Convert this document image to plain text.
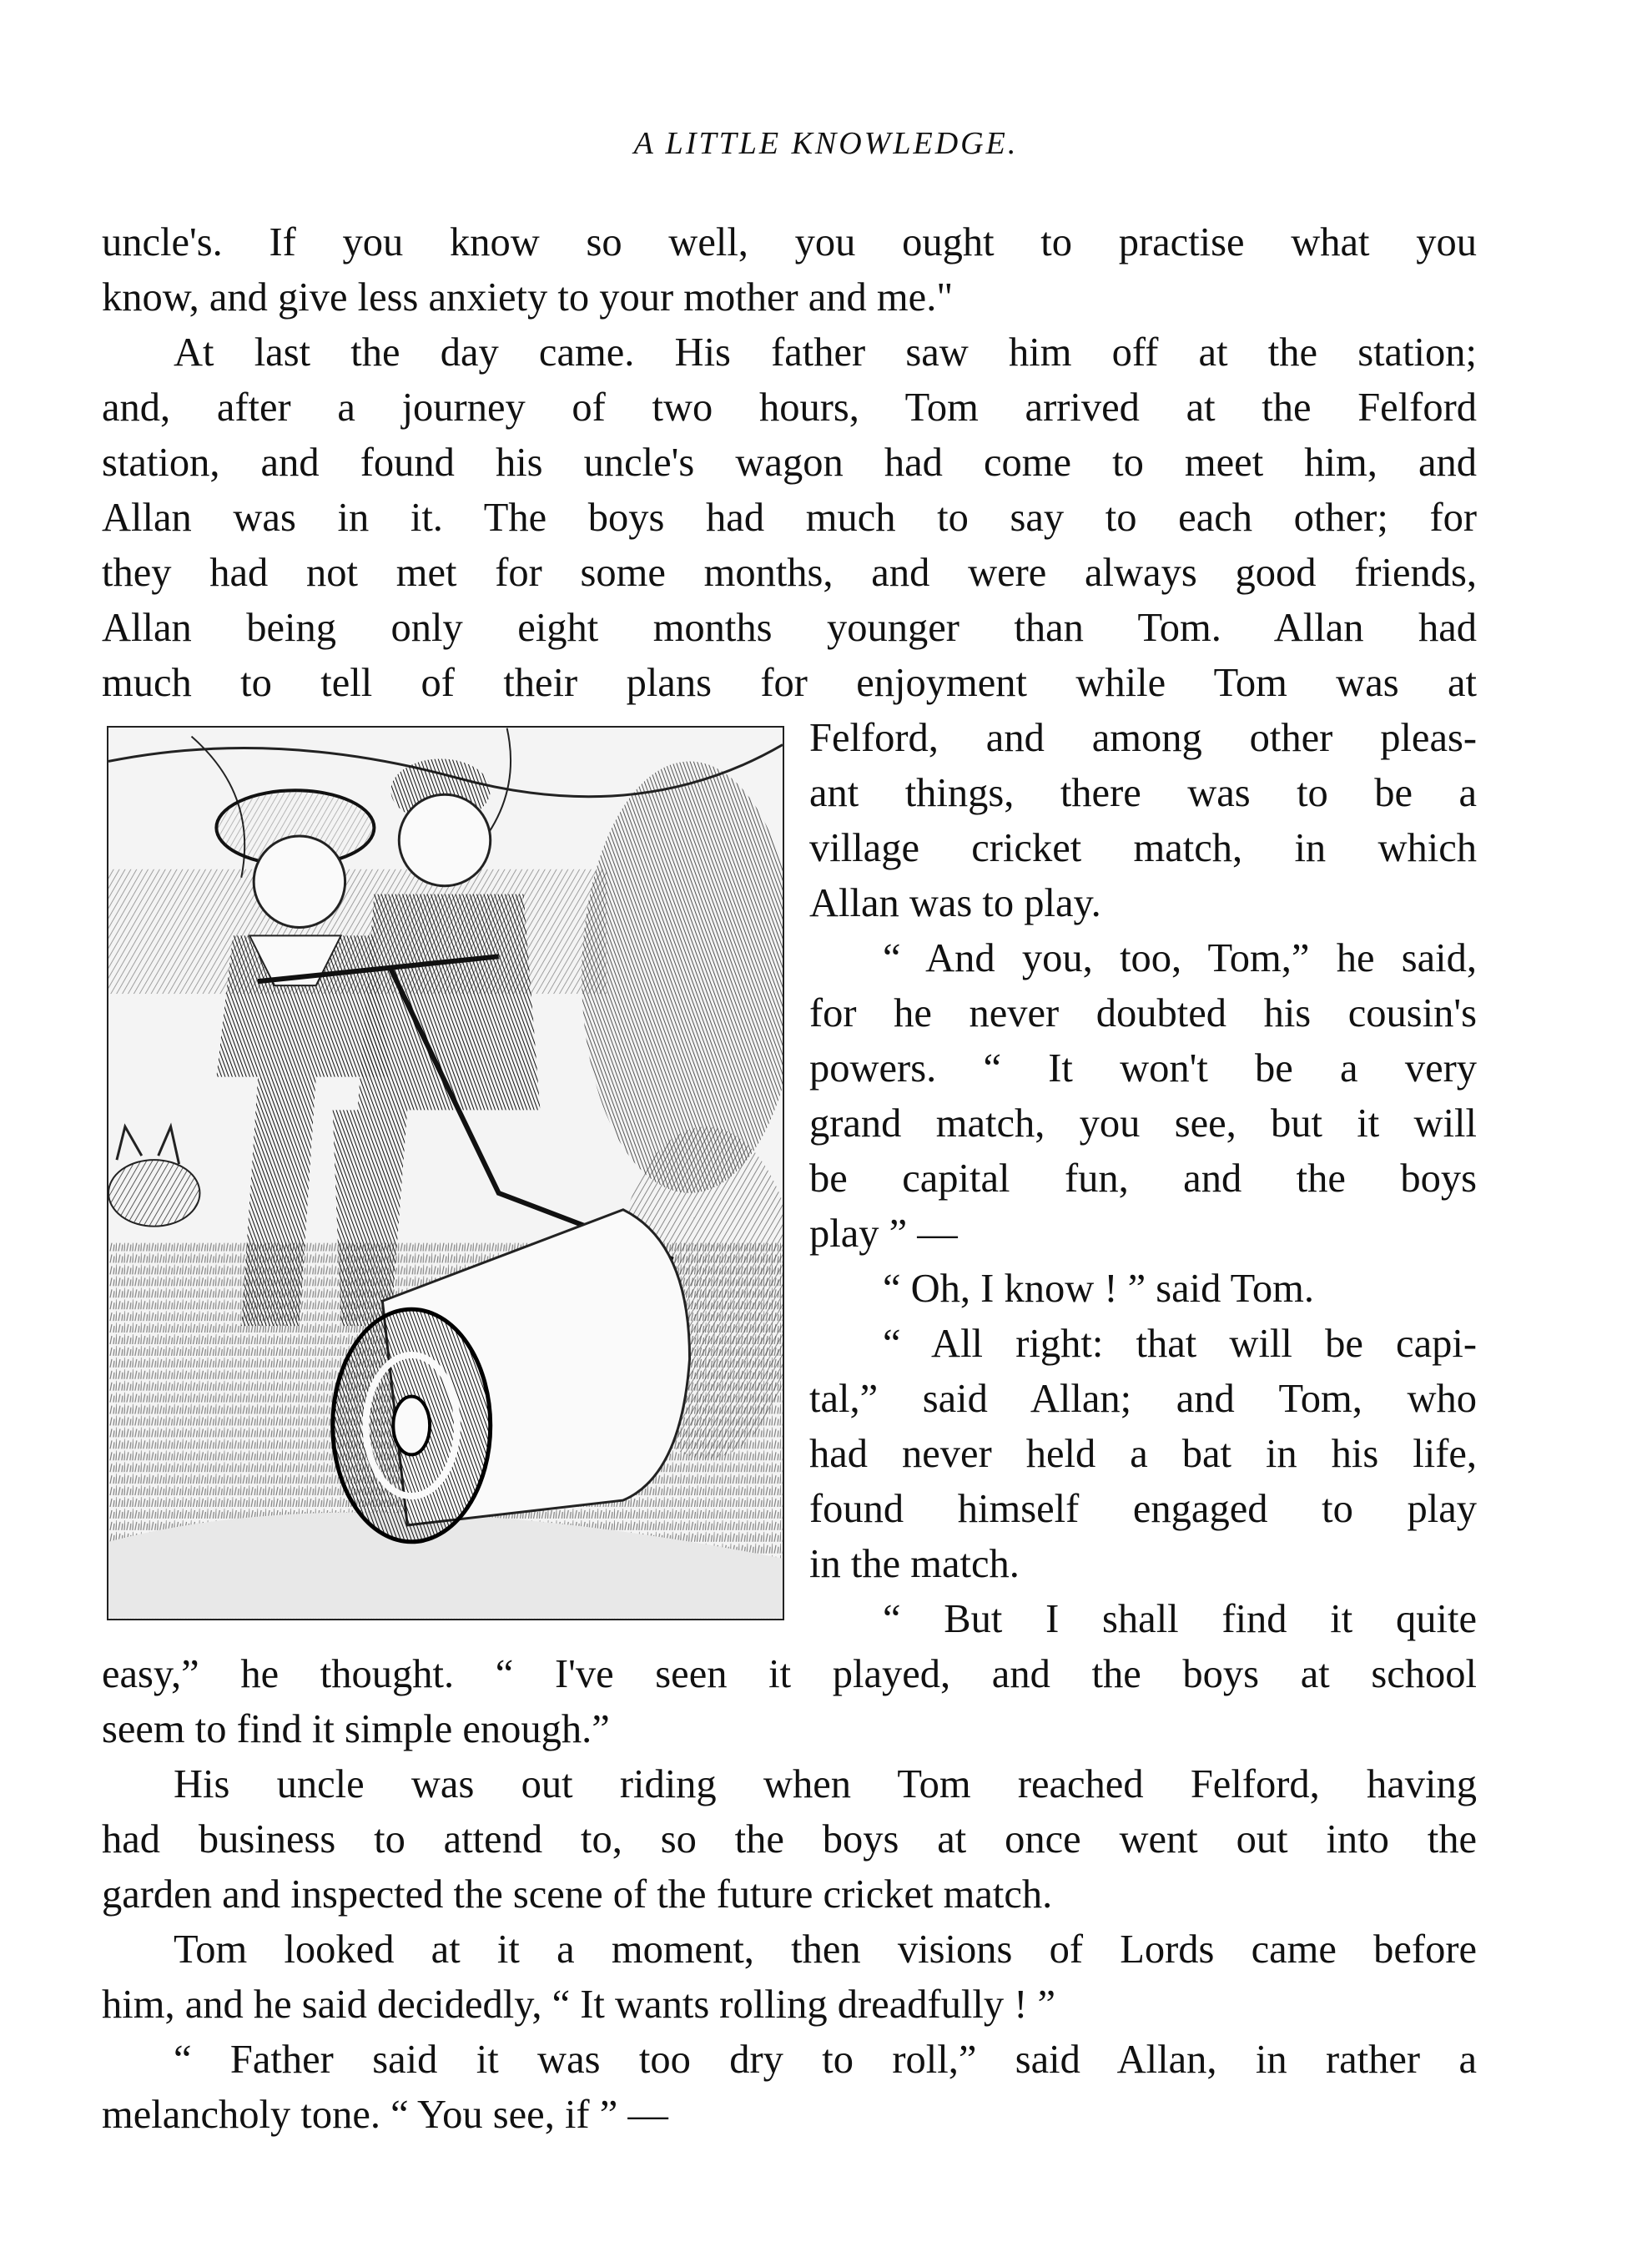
A LITTLE KNOWLEDGE.
uncle's. If you know so well, you ought to practise what you
know, and give less anxiety to your mother and me."
At last the day came. His father saw him off at the station;
and, after a journey of two hours, Tom arrived at the Felford
station, and found his uncle's wagon had come to meet him, and
Allan was in it. The boys had much to say to each other; for
they had not met for some months, and were always good friends,
Allan being only eight months younger than Tom. Allan had
much to tell of their plans for enjoyment while Tom was at
Felford, and among other pleas-
ant things, there was to be a
village cricket match, in which
Allan was to play.
“ And you, too, Tom,” he said,
for he never doubted his cousin's
powers. “ It won't be a very
grand match, you see, but it will
be capital fun, and the boys
play ” —
“ Oh, I know ! ” said Tom.
“ All right: that will be capi-
tal,” said Allan; and Tom, who
had never held a bat in his life,
found himself engaged to play
in the match.
“ But I shall find it quite
easy,” he thought. “ I've seen it played, and the boys at school
seem to find it simple enough.”
His uncle was out riding when Tom reached Felford, having
had business to attend to, so the boys at once went out into the
garden and inspected the scene of the future cricket match.
Tom looked at it a moment, then visions of Lords came before
him, and he said decidedly, “ It wants rolling dreadfully ! ”
“ Father said it was too dry to roll,” said Allan, in rather a
melancholy tone. “ You see, if ” —
